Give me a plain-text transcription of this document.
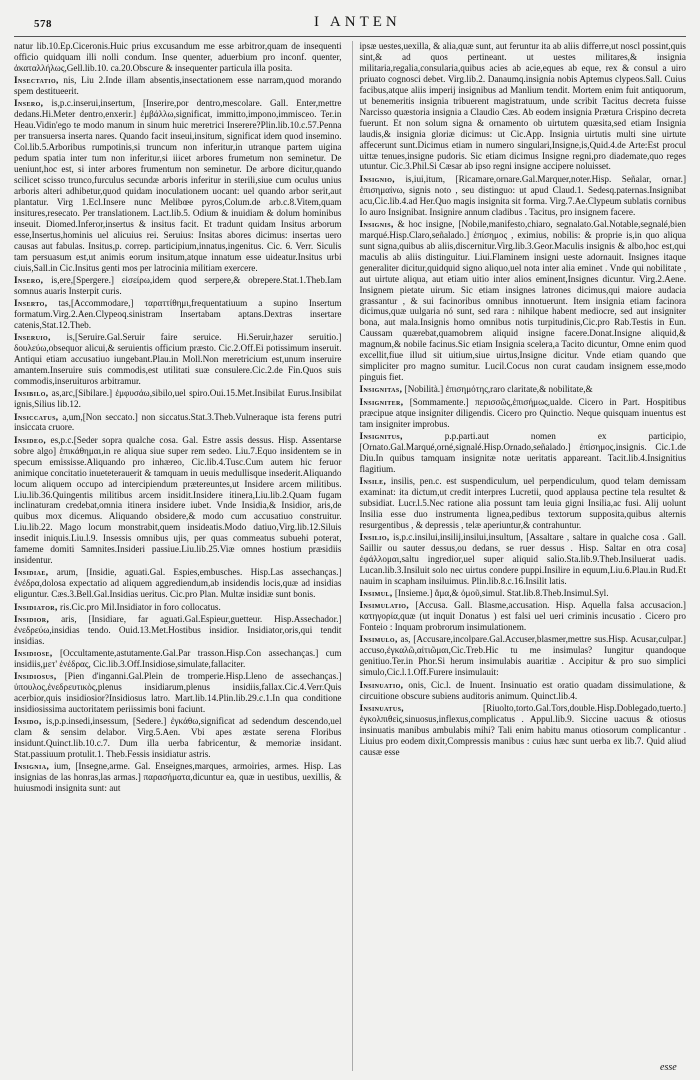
578	I ANTEN

natur lib.10.Ep.Ciceronis.Huic prius excusandum me esse arbitror,quam de insequenti officio quidquam illi nolli condum. Inse quenter, aduerbium pro inconf. quenter, ἀκαταλλήλως,Gell.lib.10. ca.20.Obscure & insequenter particula illa posita.

Insectatio, nis, Liu 2.Inde illam absentis,insectationem esse narram,quod morando spem destitueerit.

Insero, is,p.c.inserui,insertum, [Inserire,por dentro,mescolare. Gall. Enter,mettre dedans.Hi.Meter dentro,enxerir.] ἐμβάλλω,significat, immitto,impono,immisceo. Ter.in Heau.Vidin'ego te modo manum in sinum huic meretrici Inserere?Plin.lib.10.c.57.Penna per transuersa inserta nares. Quando facit inseui,insitum, significat idem quod insemino. Col.lib.5.Arboribus rumpotinis,si truncum non inferitur,in utranque partem uigina pedum spatia inter tum non inferitur,si iiicet arbores frumetum non seminetur. De ueniunt,hoc est, si inter arbores frumentum non seminetur. De arbore dicitur,quando scilicet scisso trunco,furculus secundæ arboris inferitur in sterili,siue cum oculus unius arboris alteri adhibetur,quod quidam inoculationem uocant: uel quando arbor serit,aut plantatur. Virg 1.Ecl.Insere nunc Melibœe pyros,Colum.de arb.c.8.Vitem,quam insitures,resecato. Per translationem. Lact.lib.5. Odium & inuidiam & dolum hominibus inseuit. Diomed.Inferor,insertus & insitus facit. Et tradunt quidam Insitus arborum esse,Insertus,hominis uel alicuius rei. Seruius: Insitas abores dicimus: insertas uero causas aut fabulas. Insitus,p. correp. participium,innatus,ingenitus. Cic. 6. Verr. Siculis tam persuasum est,ut animis eorum insitum,atque innatum esse uideatur.Insitus urbi ciuis,Sall.in Cic.Insitus genti mos per latrocinia militiam exercere.

Insero, is,ere,[Spergere.] εἰσείρω,idem quod serpere,& obrepere.Stat.1.Theb.Iam somnus auaris Insterpit curis.

Inserto, tas,[Accommodare,] ταραττίθημι,frequentatiuum a supino Insertum formatum.Virg.2.Aen.Clypeoq.sinistram Insertabam aptans.Dextras insertare catenis,Stat.12.Theb.

Inseruio, is,[Seruire.Gal.Seruir faire seruice. Hi.Seruir,hazer seruitio.] δουλεύω,obsequor alicui,& seruientis officium præsto. Cic.2.Off.Ei potissimum inseruit. Antiqui etiam accusatiuo iungebant.Plau.in Moll.Non meretricium est,unum inseruire amantem.Inseruire suis commodis,est utilitati suæ consulere.Cic.2.de Fin.Quos suis commodis,inseruituros arbitramur.

Insibilo, as,arc,[Sibilare.] ἐμφυσάω,sibilo,uel spiro.Oui.15.Met.Insibilat Eurus.Insibilat ignis,Silius lib.12.

Insiccatus, a,um,[Non seccato.] non siccatus.Stat.3.Theb.Vulneraque ista ferens putri insiccata cruore.

Insideo, es,p.c.[Seder sopra qualche cosa. Gal. Estre assis dessus. Hisp. Assentarse sobre algo] ἐπικάθημαι,in re aliqua siue super rem sedeo. Liu.7.Equo insidentem se in specum emississe.Aliquando pro inhæreo, Cic.lib.4.Tusc.Cum autem hic feruor animique concitatio inueteterauerit & tamquam in ueuis medullisque insederit.Aliquando locum aliquem occupo ad intercipiendum prætereuntes,ut Insidere arcem militibus. Liu.lib.36.Quingentis militibus arcem insidit.Insidere itinera,Liu.lib.2.Quam fugam inclinaturam credebat,omnia itinera insidere iubet. Vnde Insidia,& Insidior, aris,de quibus mox dicemus. Aliquando obsidere,& modo cum accusatiuo construitur. Liu.lib.22. Mago locum monstrabit,quem insideatis.Modo datiuo,Virg.lib.12.Siluis insedit iniquis.Liu.l.9. Insessis omnibus ujis, per quas commeatus subuehi poterat, fameme domiti Samnites.Insideri passiue.Liu.lib.25.Viæ omnes hostium præsidiis insidentur.

Insidiae, arum, [Insidie, aguati.Gal. Espies,embusches. Hisp.Las assechanças.] ἐνέδρα,dolosa expectatio ad aliquem aggrediendum,ab insidendis locis,quæ ad insidias eliguntur. Cæs.3.Bell.Gal.Insidias ueritus. Cic.pro Plan. Multæ insidiæ sunt bonis.

Insidiator, ris.Cic.pro Mil.Insidiator in foro collocatus.

Insidior, aris, [Insidiare, far aguati.Gal.Espieur,guetteur. Hisp.Assechador.] ἐνεδρεύω,insidias tendo. Ouid.13.Met.Hostibus insidior. Insidiator,oris,qui tendit insidias.

Insidiose, [Occultamente,astutamente.Gal.Par trasson.Hisp.Con assechanças.] cum insidiis,μετ' ἐνέδρας, Cic.lib.3.Off.Insidiose,simulate,fallaciter.

Insidiosus, [Pien d'inganni.Gal.Plein de tromperie.Hisp.Lleno de assechanças.] ὑπουλος,ἐνεδρευτικὸς,plenus insidiarum,plenus insidiis,fallax.Cic.4.Verr.Quis acerbior,quis insidiosior?Insidiosus latro. Mart.lib.14.Plin.lib.29.c.1.In qua conditione insidiosissima auctoritatem periissimis boni faciunt.

Insido, is,p.p.insedi,insessum, [Sedere.] ἐγκάθω,significat ad sedendum descendo,uel clam & sensim delabor. Virg.5.Aen. Vbi apes æstate serena Floribus insidunt.Quinct.lib.10.c.7. Dum illa uerba fabricentur, & memoriæ insidant. Stat.passiuum protulit.1. Theb.Fessis insidiatur astris.

Insignia, ium, [Insegne,arme. Gal. Enseignes,marques, armoiries, armes. Hisp. Las insignias de las honras,las armas.] παρασήματα,dicuntur ea, quæ in uestibus, uexillis, & huiusmodi insignita sunt: aut

ipsæ uestes,uexilla, & alia,quæ sunt, aut feruntur ita ab aliis differre,ut noscl possint,quis sint,& ad quos pertineant. ut uestes militares,& insignia militaria,regalia,consularia,quibus acies ab acie,eques ab eque, rex & consul a uiro priuato cognosci debet. Virg.lib.2. Danaumq.insignia nobis Aptemus clypeos.Sall. Cuius facibus,atque aliis imperij insignibus ad Manlium tendit. Mortem enim fuit antiquorum, ut benemeritis insignia tribuerent magistratuum, unde scribit Tacitus decreta fuisse Narcisso quæstoria insignia a Claudio Cæs. Ab eodem insignia Prætura Crispino decreta fuerunt. Et non solum signa & ornamento ob uirtutem quæsita,sed etiam Insignia laudis,& insignia gloriæ dicimus: ut Cic.App. Insignia uirtutis multi sine uirtute affecerunt sunt.Dicimus etiam in numero singulari,Insigne,is,Quid.4.de Arte:Est procul uittæ tenues,insigne pudoris. Sic etiam dicimus Insigne regni,pro diademate,quo reges utuntur. Cic.3.Phil.Si Cæsar ab ipso regni insigne accipere noluisset.

Insignio, is,iui,itum, [Ricamare,ornare.Gal.Marquer,noter.Hisp. Señalar, ornar.] ἐπισημαίνω, signis noto , seu distinguo: ut apud Claud.1. Sedesq.paternas.Insignibat acu,Cic.lib.4.ad Her.Quo magis insignita sit forma. Virg.7.Ae.Clypeum sublatis cornibus Io auro Insignibat. Insignire annum cladibus . Tacitus, pro insignem facere.

Insignis, & hoc insigne, [Nobile,manifesto,chiaro, segnalato.Gal.Notable,segnalé,bien marqué.Hisp.Claro,señalado.] ἐπίσημος , eximius, nobilis: & proprie is,in quo aliqua sunt signa,quibus ab aliis,discernitur.Virg.lib.3.Geor.Maculis insignis & albo,hoc est,qui maculis ab aliis distinguitur. Liui.Flaminem insigni ueste adornauit. Insignes itaque generaliter dicitur,quidquid signo aliquo,uel nota inter alia eminet . Vnde qui nobilitate , aut uirtute aliqua, aut etiam uitio inter alios eminent,Insignes dicuntur. Virg.2.Aene. Insignem pietate uirum. Sic etiam insignes latrones dicimus,qui maiore audacia grassantur , & sui facinoribus omnibus innotuerunt. Item insignia etiam facinora dicimus,quæ uulgaria nó sunt, sed rara : nihilque habent mediocre, sed aut insigniter bona, aut mala.Insignis homo omnibus notis turpitudinis,Cic.pro Rab.Testis in Eun. Caussam quærebat,quamobrem aliquid insigne facere.Donat.Insigne aliquid,& magnum,& nobile facinus.Sic etiam Insignia scelera,a Tacito dicuntur, Omne enim quod excellit,fiue illud sit uitium,siue uirtus,Insigne dicitur. Vnde etiam quando que simpliciter pro magno sumitur. Lucil.Cocus non curat caudam insignem esse,modo pinguis fiet.

Insignitas, [Nobilità.] ἐπισημότης,raro claritate,& nobilitate,&

Insigniter, [Sommamente.] περισσῶς,ἐπισήμως,ualde. Cicero in Part. Hospitibus præcipue atque insigniter diligendis. Cicero pro Quinctio. Neque quisquam inuentus est tam insigniter improbus.

Insignitus,	p.p.parti.aut nomen ex participio, [Ornato.Gal.Marqué,orné,signalé.Hisp.Ornado,señalado.] ἐπίσημος,insignis. Cic.1.de Diu.In quibus tamquam insignitæ notæ ueritatis appareant. Tacit.lib.4.Insignitius flagitium.

Insile, insilis, pen.c. est suspendiculum, uel perpendiculum, quod telam demissam examinat: ita dictum,ut credit interpres Lucretii, quod applausa pectine tela resultet & subsidiat. Lucr.l.5.Nec ratione alia possunt tam leuia gigni Insilia,ac fusi. Alij uolunt Insilia esse duo instrumenta lignea,pedibus textorum supposita,quibus alternis resurgentibus , & depressis , telæ aperiuntur,& contrahuntur.

Insilio, is,p.c.insilui,insilij,insilui,insultum, [Assaltare , saltare in qualche cosa . Gall. Saillir ou sauter dessus,ou dedans, se ruer dessus . Hisp. Saltar en otra cosa] ἐφάλλομαι,saltu ingredior,uel super aliquid salio.Sta.lib.9.Theb.Insiluerat uadis. Lucan.lib.3.Insiluit solo nec uirtus condere puppi.Insilire in equum,Liu.6.Plau.in Rud.Et nauim in scapham insiluimus. Plin.lib.8.c.16.Insilit latis.

Insimul, [Insieme.] ἅμα,& ὁμοῦ,simul. Stat.lib.8.Theb.Insimul.Syl.

Insimulatio, [Accusa. Gall. Blasme,accusation. Hisp. Aquella falsa accusacion.] κατηγορία,quæ (ut inquit Donatus ) est falsi uel ueri criminis incusatio . Cicero pro Fonteio : Inquam probrorum insimulationem.

Insimulo, as, [Accusare,incolpare.Gal.Accuser,blasmer,mettre sus.Hisp. Acusar,culpar.] accuso,ἐγκαλῶ,αἰτιῶμαι,Cic.Treb.Hic tu me insimulas? Iungitur quandoque genitiuo.Ter.in Phor.Si herum insimulabis auaritiæ . Accipitur & pro suo simplici simulo,Cic.l.1.Off.Furere insimulauit:

Insinuatio, onis, Cic.l. de Inuent. Insinuatio est oratio quadam dissimulatione, & circuitione obscure subiens auditoris animum. Quinct.lib.4.

Insinuatus,	[Riuolto,torto.Gal.Tors,double.Hisp.Doblegado,tuerto.] ἐγκολπιθεὶς,sinuosus,inflexus,complicatus . Appul.lib.9. Siccine uacuus & otiosus insinuatis manibus ambulabis mihi? Tali enim habitu manus otiosorum complicantur . Liuius pro eodem dixit,Compressis manibus : cuius hæc sunt uerba ex lib.7. Quid aliud causæ esse

esse
